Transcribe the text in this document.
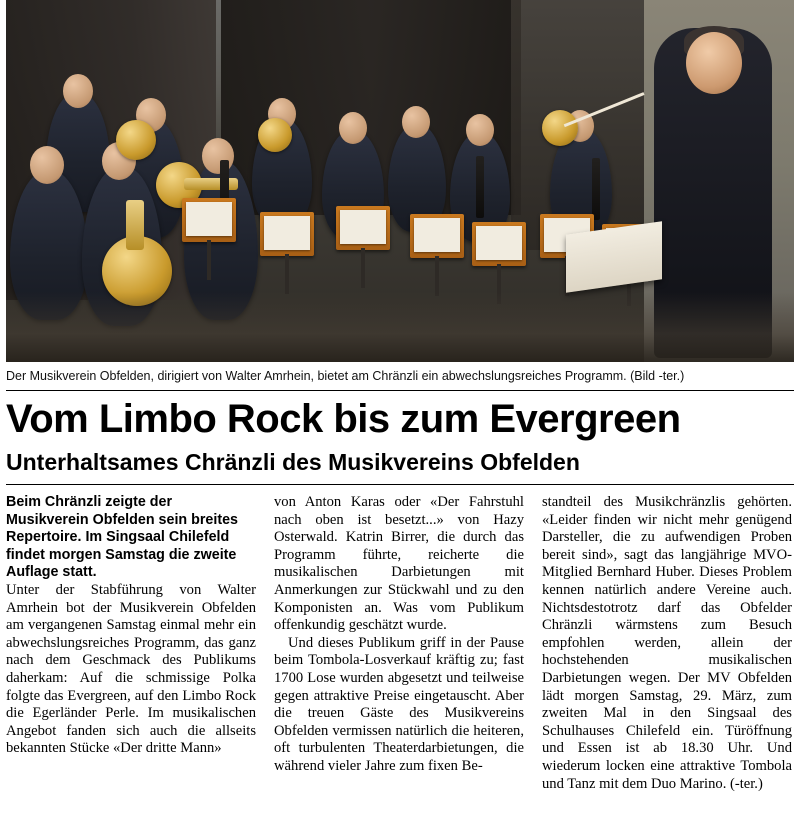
Der Musikverein Obfelden, dirigiert von Walter Amrhein, bietet am Chränzli ein abwechslungsreiches Programm. (Bild -ter.)
Vom Limbo Rock bis zum Evergreen
Unterhaltsames Chränzli des Musikvereins Obfelden

Beim Chränzli zeigte der Musikverein Obfelden sein breites Repertoire. Im Singsaal Chilefeld findet morgen Samstag die zweite Auflage statt.

Unter der Stabführung von Walter Amrhein bot der Musikverein Obfelden am vergangenen Samstag einmal mehr ein abwechslungsreiches Programm, das ganz nach dem Geschmack des Publikums daherkam: Auf die schmissige Polka folgte das Evergreen, auf den Limbo Rock die Egerländer Perle. Im musikalischen Angebot fanden sich auch die allseits bekannten Stücke «Der dritte Mann»

von Anton Karas oder «Der Fahrstuhl nach oben ist besetzt...» von Hazy Osterwald. Katrin Birrer, die durch das Programm führte, reicherte die musikalischen Darbietungen mit Anmerkungen zur Stückwahl und zu den Komponisten an. Was vom Publikum offenkundig geschätzt wurde.

Und dieses Publikum griff in der Pause beim Tombola-Losverkauf kräftig zu; fast 1700 Lose wurden abgesetzt und teilweise gegen attraktive Preise eingetauscht. Aber die treuen Gäste des Musikvereins Obfelden vermissen natürlich die heiteren, oft turbulenten Theaterdarbietungen, die während vieler Jahre zum fixen Be-

standteil des Musikchränzlis gehörten. «Leider finden wir nicht mehr genügend Darsteller, die zu aufwendigen Proben bereit sind», sagt das langjährige MVO-Mitglied Bernhard Huber. Dieses Problem kennen natürlich andere Vereine auch. Nichtsdestotrotz darf das Obfelder Chränzli wärmstens zum Besuch empfohlen werden, allein der hochstehenden musikalischen Darbietungen wegen. Der MV Obfelden lädt morgen Samstag, 29. März, zum zweiten Mal in den Singsaal des Schulhauses Chilefeld ein. Türöffnung und Essen ist ab 18.30 Uhr. Und wiederum locken eine attraktive Tombola und Tanz mit dem Duo Marino. (-ter.)
